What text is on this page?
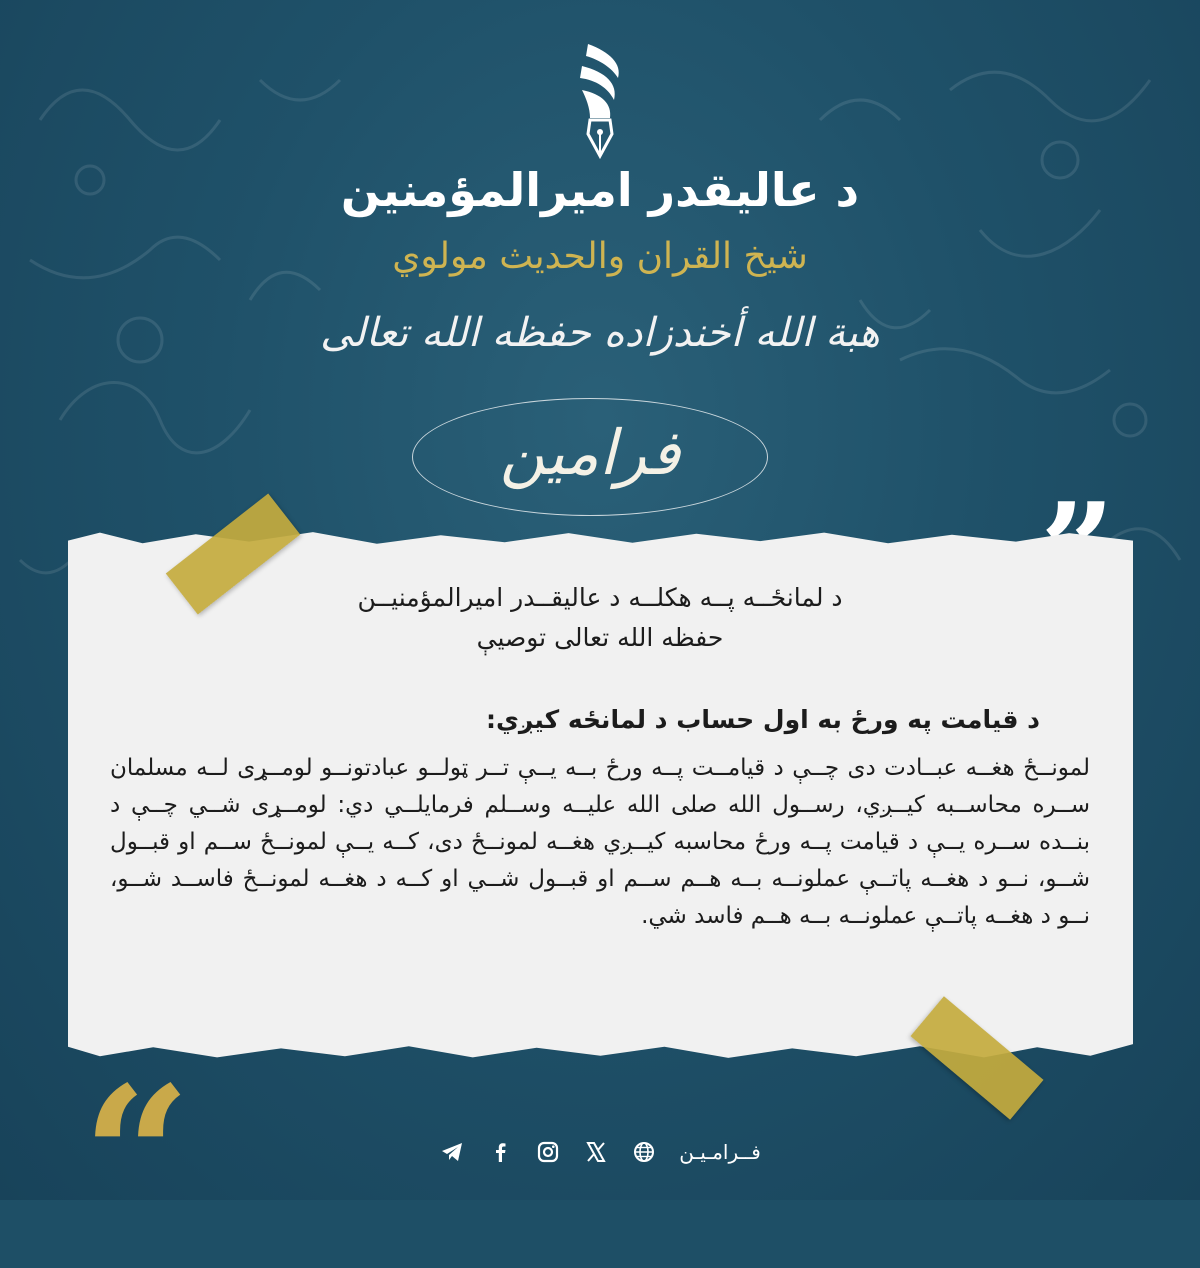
د عالیقدر امیرالمؤمنین
شيخ القران والحديث مولوي
هبة الله أخندزاده حفظه الله تعالى
فرامین
د لمانځــه پــه هکلــه د عالیقــدر امیرالمؤمنیــن
حفظه الله تعالی توصیې
د قیامت په ورځ به اول حساب د لمانځه کیږي:
لمونــځ هغــه عبــادت دی چــې د قیامــت پــه ورځ بــه یــې تــر ټولــو عبادتونــو لومــړی لــه مسلمان ســره محاســبه کیــږي، رســول الله صلی الله علیــه وســلم فرمایلــي دي: لومــړی شــي چــې د بنــده ســره یــې د قیامت پــه ورځ محاسبه کیــږي هغــه لمونــځ دی، کــه یــې لمونــځ ســم او قبــول شــو، نــو د هغــه پاتــې عملونــه بــه هــم ســم او قبــول شــي او کــه د هغــه لمونــځ فاســد شــو، نــو د هغــه پاتــې عملونــه بــه هــم فاسد شي.
“	فــرامـیـن
